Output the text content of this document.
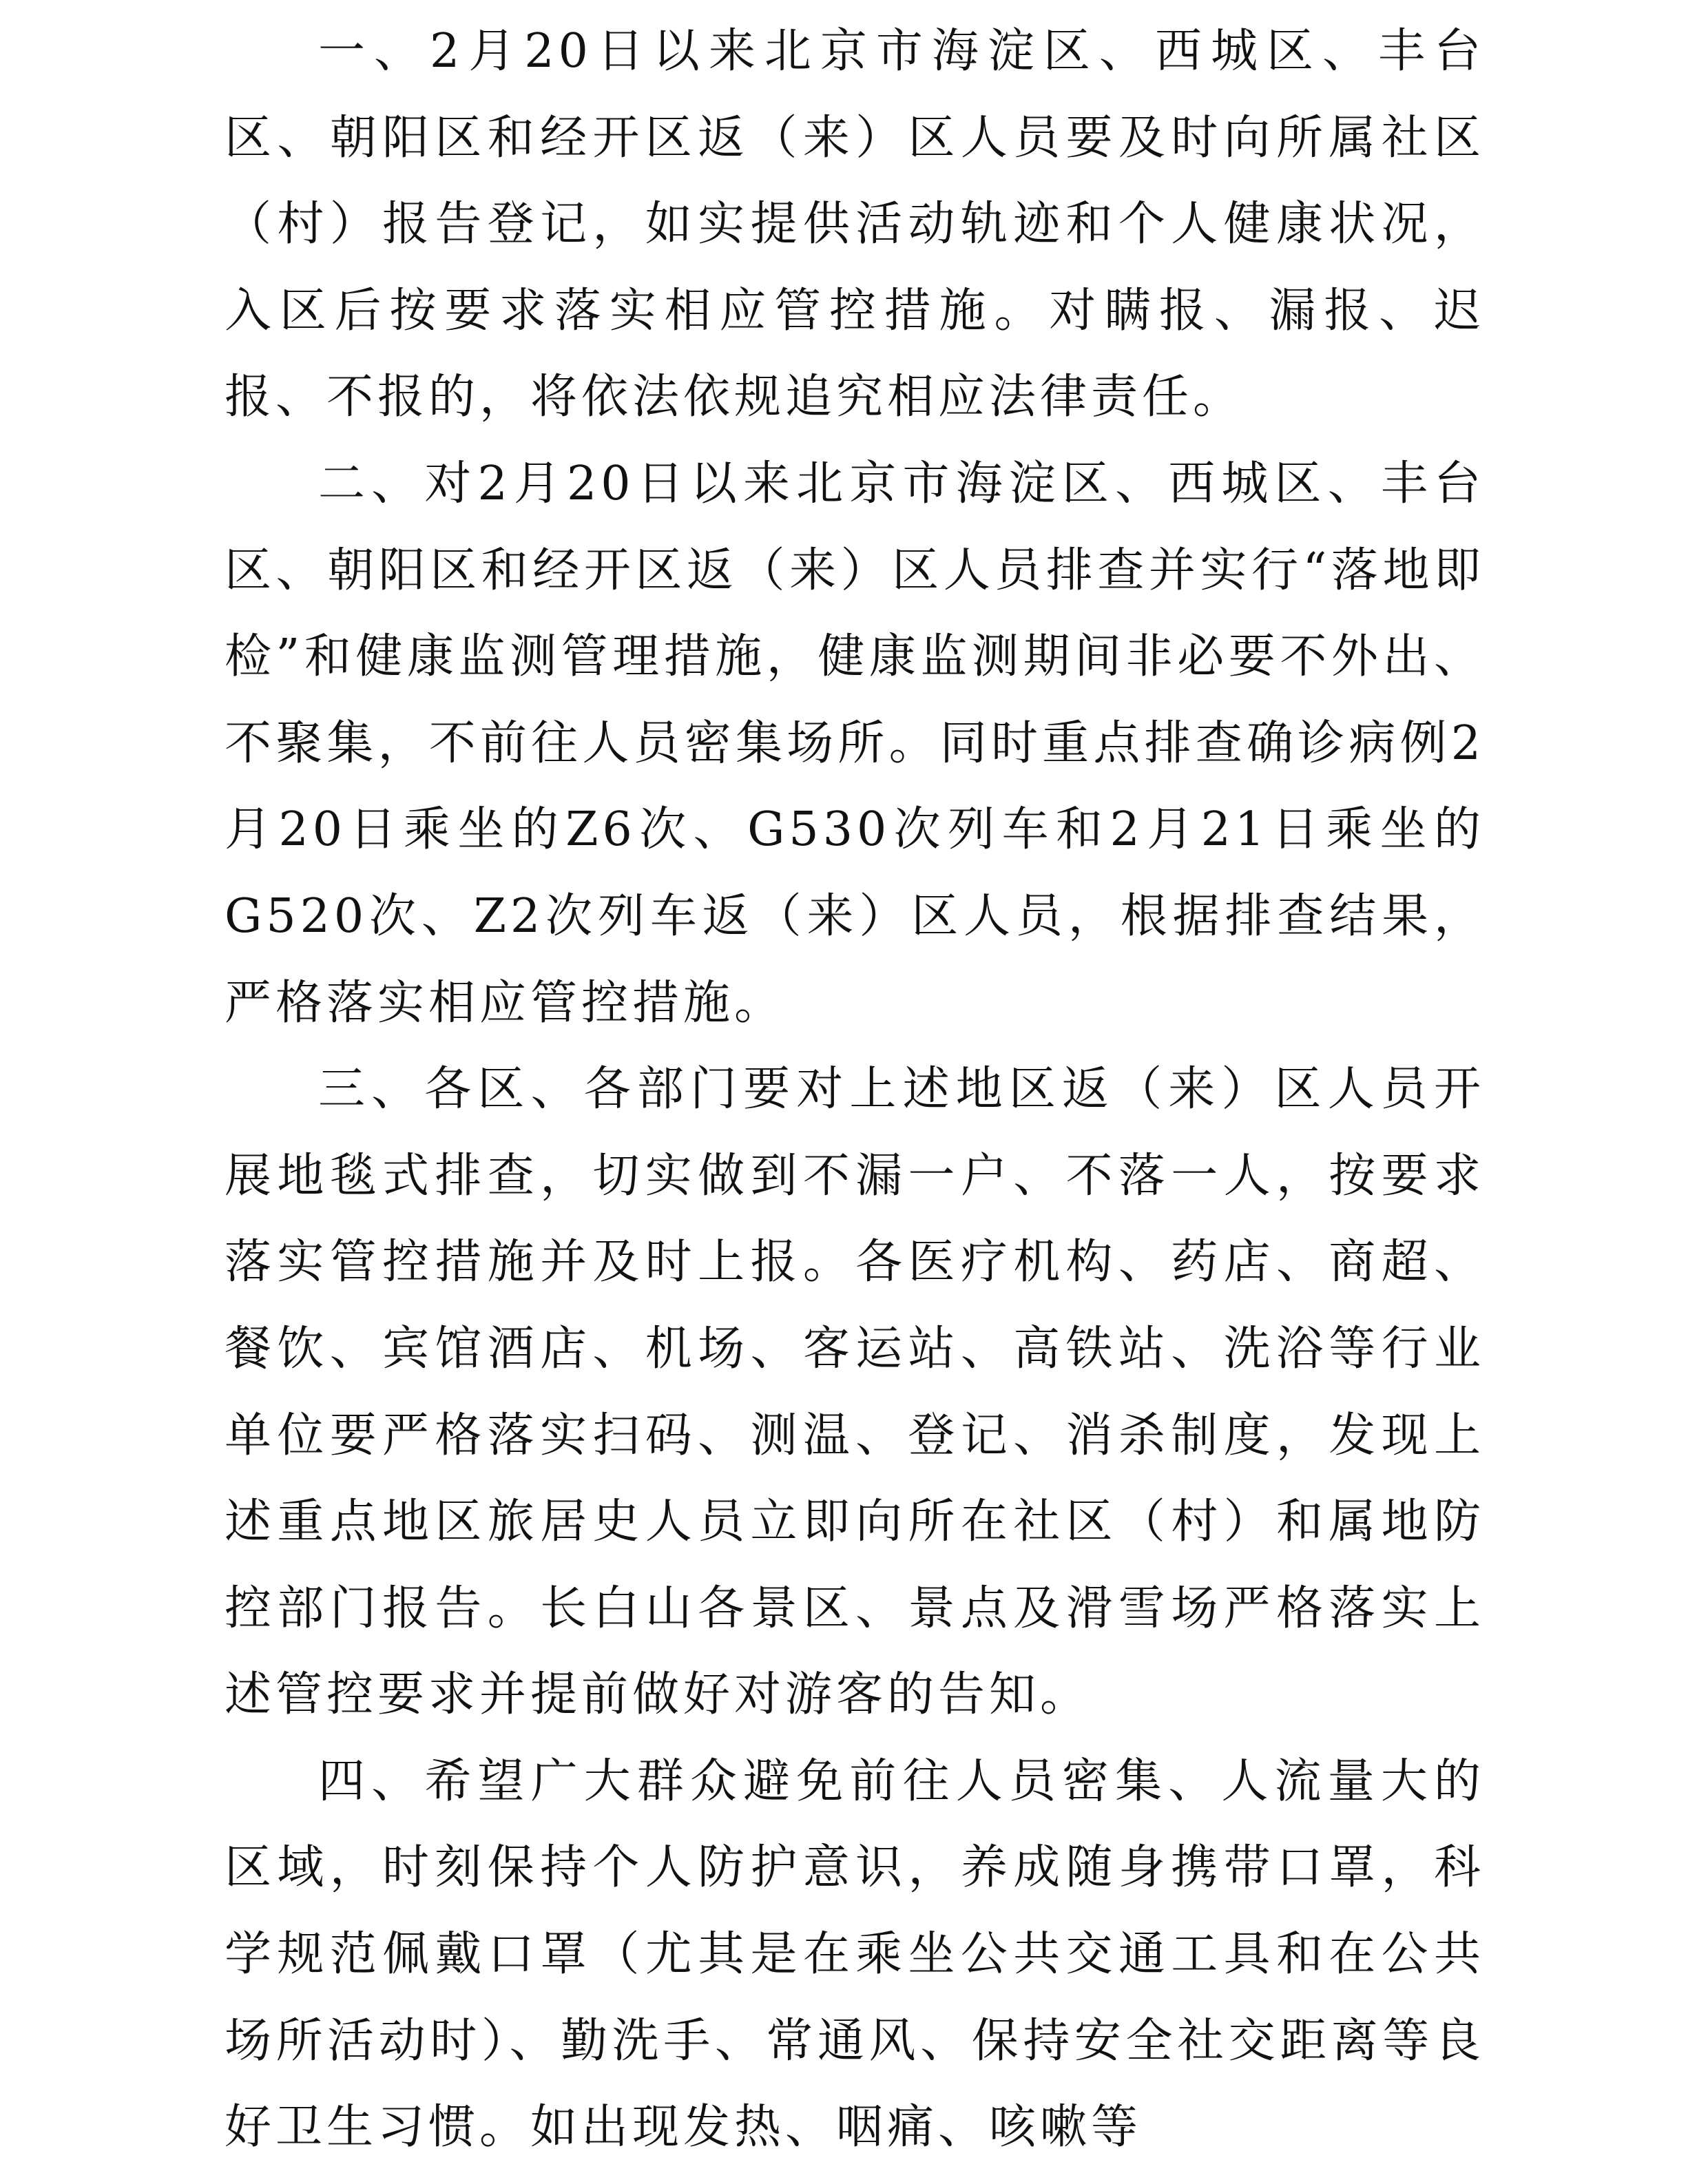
一、2月20日以来北京市海淀区、西城区、丰台区、朝阳区和经开区返（来）区人员要及时向所属社区（村）报告登记，如实提供活动轨迹和个人健康状况，入区后按要求落实相应管控措施。对瞒报、漏报、迟报、不报的，将依法依规追究相应法律责任。

二、对2月20日以来北京市海淀区、西城区、丰台区、朝阳区和经开区返（来）区人员排查并实行“落地即检”和健康监测管理措施，健康监测期间非必要不外出、不聚集，不前往人员密集场所。同时重点排查确诊病例2月20日乘坐的Z6次、G530次列车和2月21日乘坐的G520次、Z2次列车返（来）区人员，根据排查结果，严格落实相应管控措施。

三、各区、各部门要对上述地区返（来）区人员开展地毯式排查，切实做到不漏一户、不落一人，按要求落实管控措施并及时上报。各医疗机构、药店、商超、餐饮、宾馆酒店、机场、客运站、高铁站、洗浴等行业单位要严格落实扫码、测温、登记、消杀制度，发现上述重点地区旅居史人员立即向所在社区（村）和属地防控部门报告。长白山各景区、景点及滑雪场严格落实上述管控要求并提前做好对游客的告知。

四、希望广大群众避免前往人员密集、人流量大的区域，时刻保持个人防护意识，养成随身携带口罩，科学规范佩戴口罩（尤其是在乘坐公共交通工具和在公共场所活动时）、勤洗手、常通风、保持安全社交距离等良好卫生习惯。如出现发热、咽痛、咳嗽等
